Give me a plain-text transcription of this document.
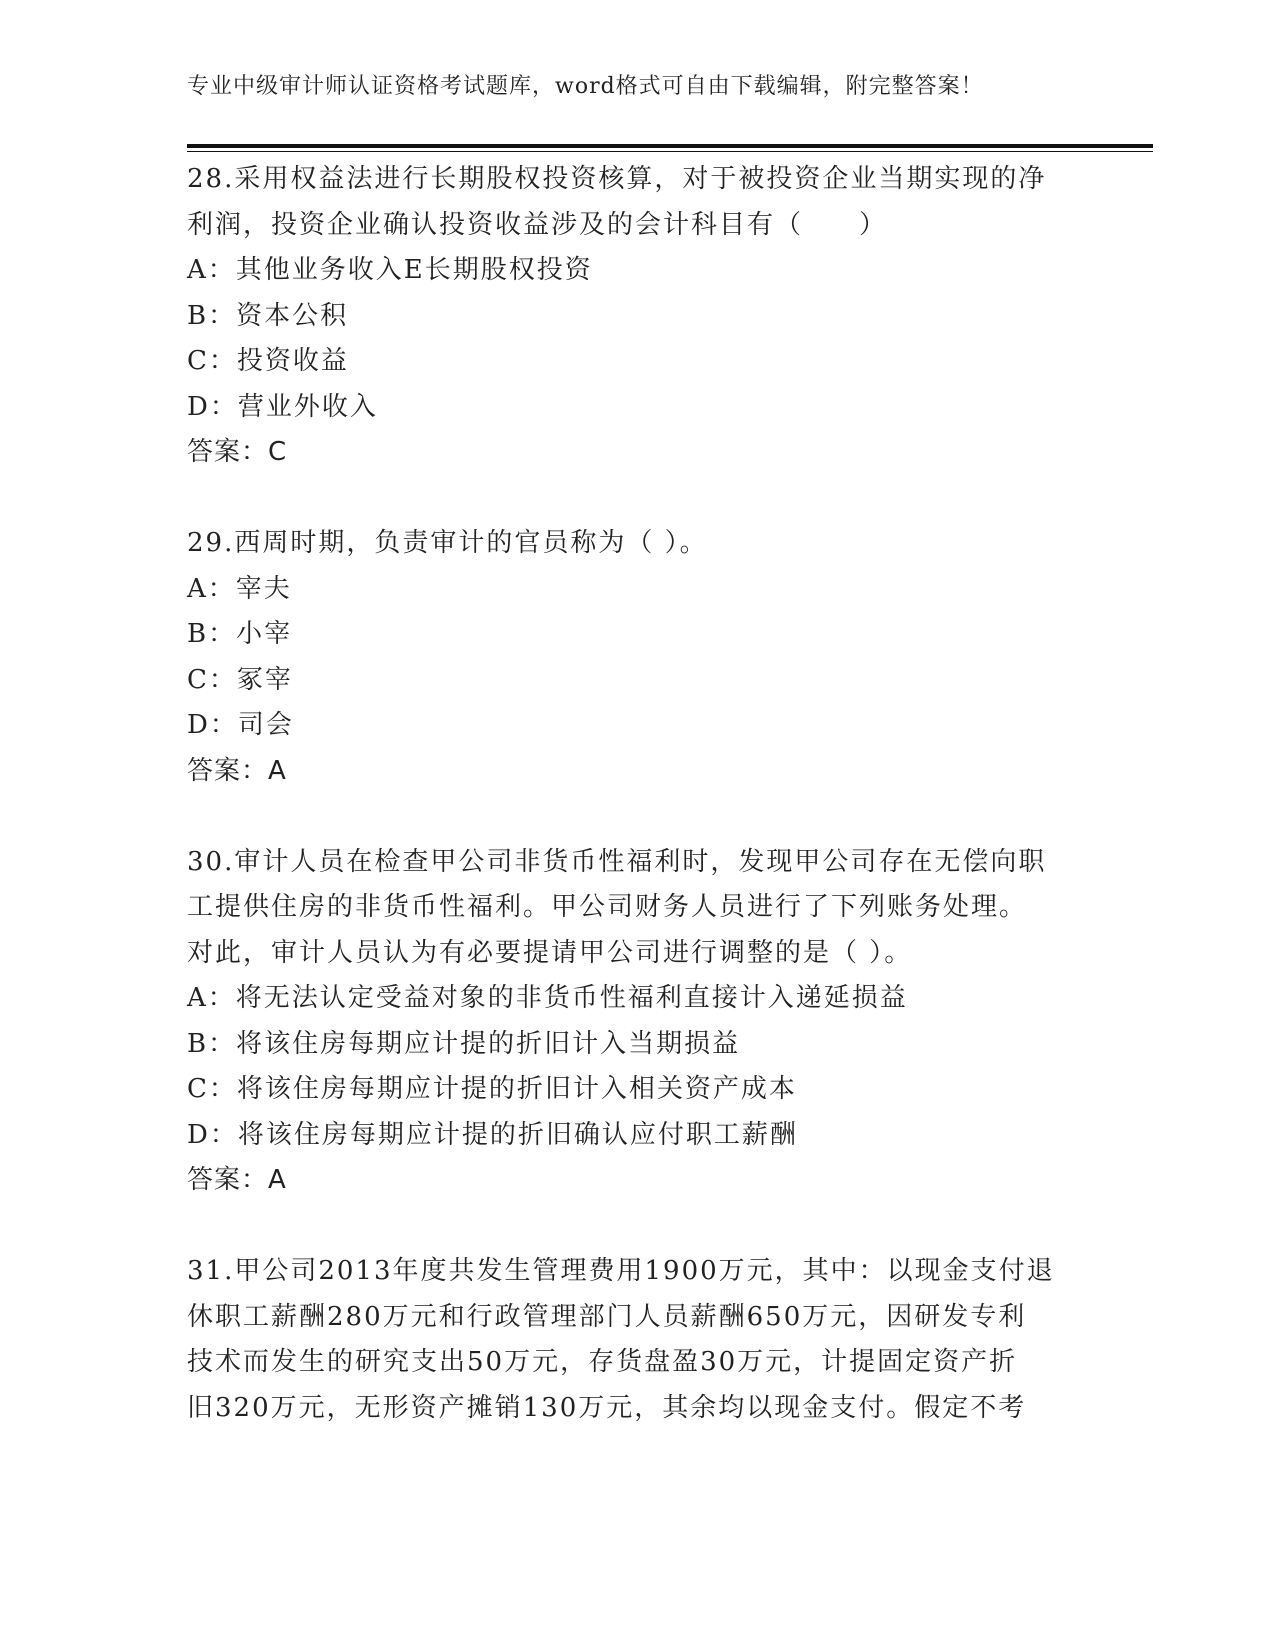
专业中级审计师认证资格考试题库，word格式可自由下载编辑，附完整答案！
28.采用权益法进行长期股权投资核算，对于被投资企业当期实现的净
利润，投资企业确认投资收益涉及的会计科目有（　　）
A：其他业务收入E长期股权投资
B：资本公积
C：投资收益
D：营业外收入
答案：C
29.西周时期，负责审计的官员称为（ ）。
A：宰夫
B：小宰
C：冢宰
D：司会
答案：A
30.审计人员在检查甲公司非货币性福利时，发现甲公司存在无偿向职
工提供住房的非货币性福利。甲公司财务人员进行了下列账务处理。
对此，审计人员认为有必要提请甲公司进行调整的是（ ）。
A：将无法认定受益对象的非货币性福利直接计入递延损益
B：将该住房每期应计提的折旧计入当期损益
C：将该住房每期应计提的折旧计入相关资产成本
D：将该住房每期应计提的折旧确认应付职工薪酬
答案：A
31.甲公司2013年度共发生管理费用1900万元，其中：以现金支付退
休职工薪酬280万元和行政管理部门人员薪酬650万元，因研发专利
技术而发生的研究支出50万元，存货盘盈30万元，计提固定资产折
旧320万元，无形资产摊销130万元，其余均以现金支付。假定不考
